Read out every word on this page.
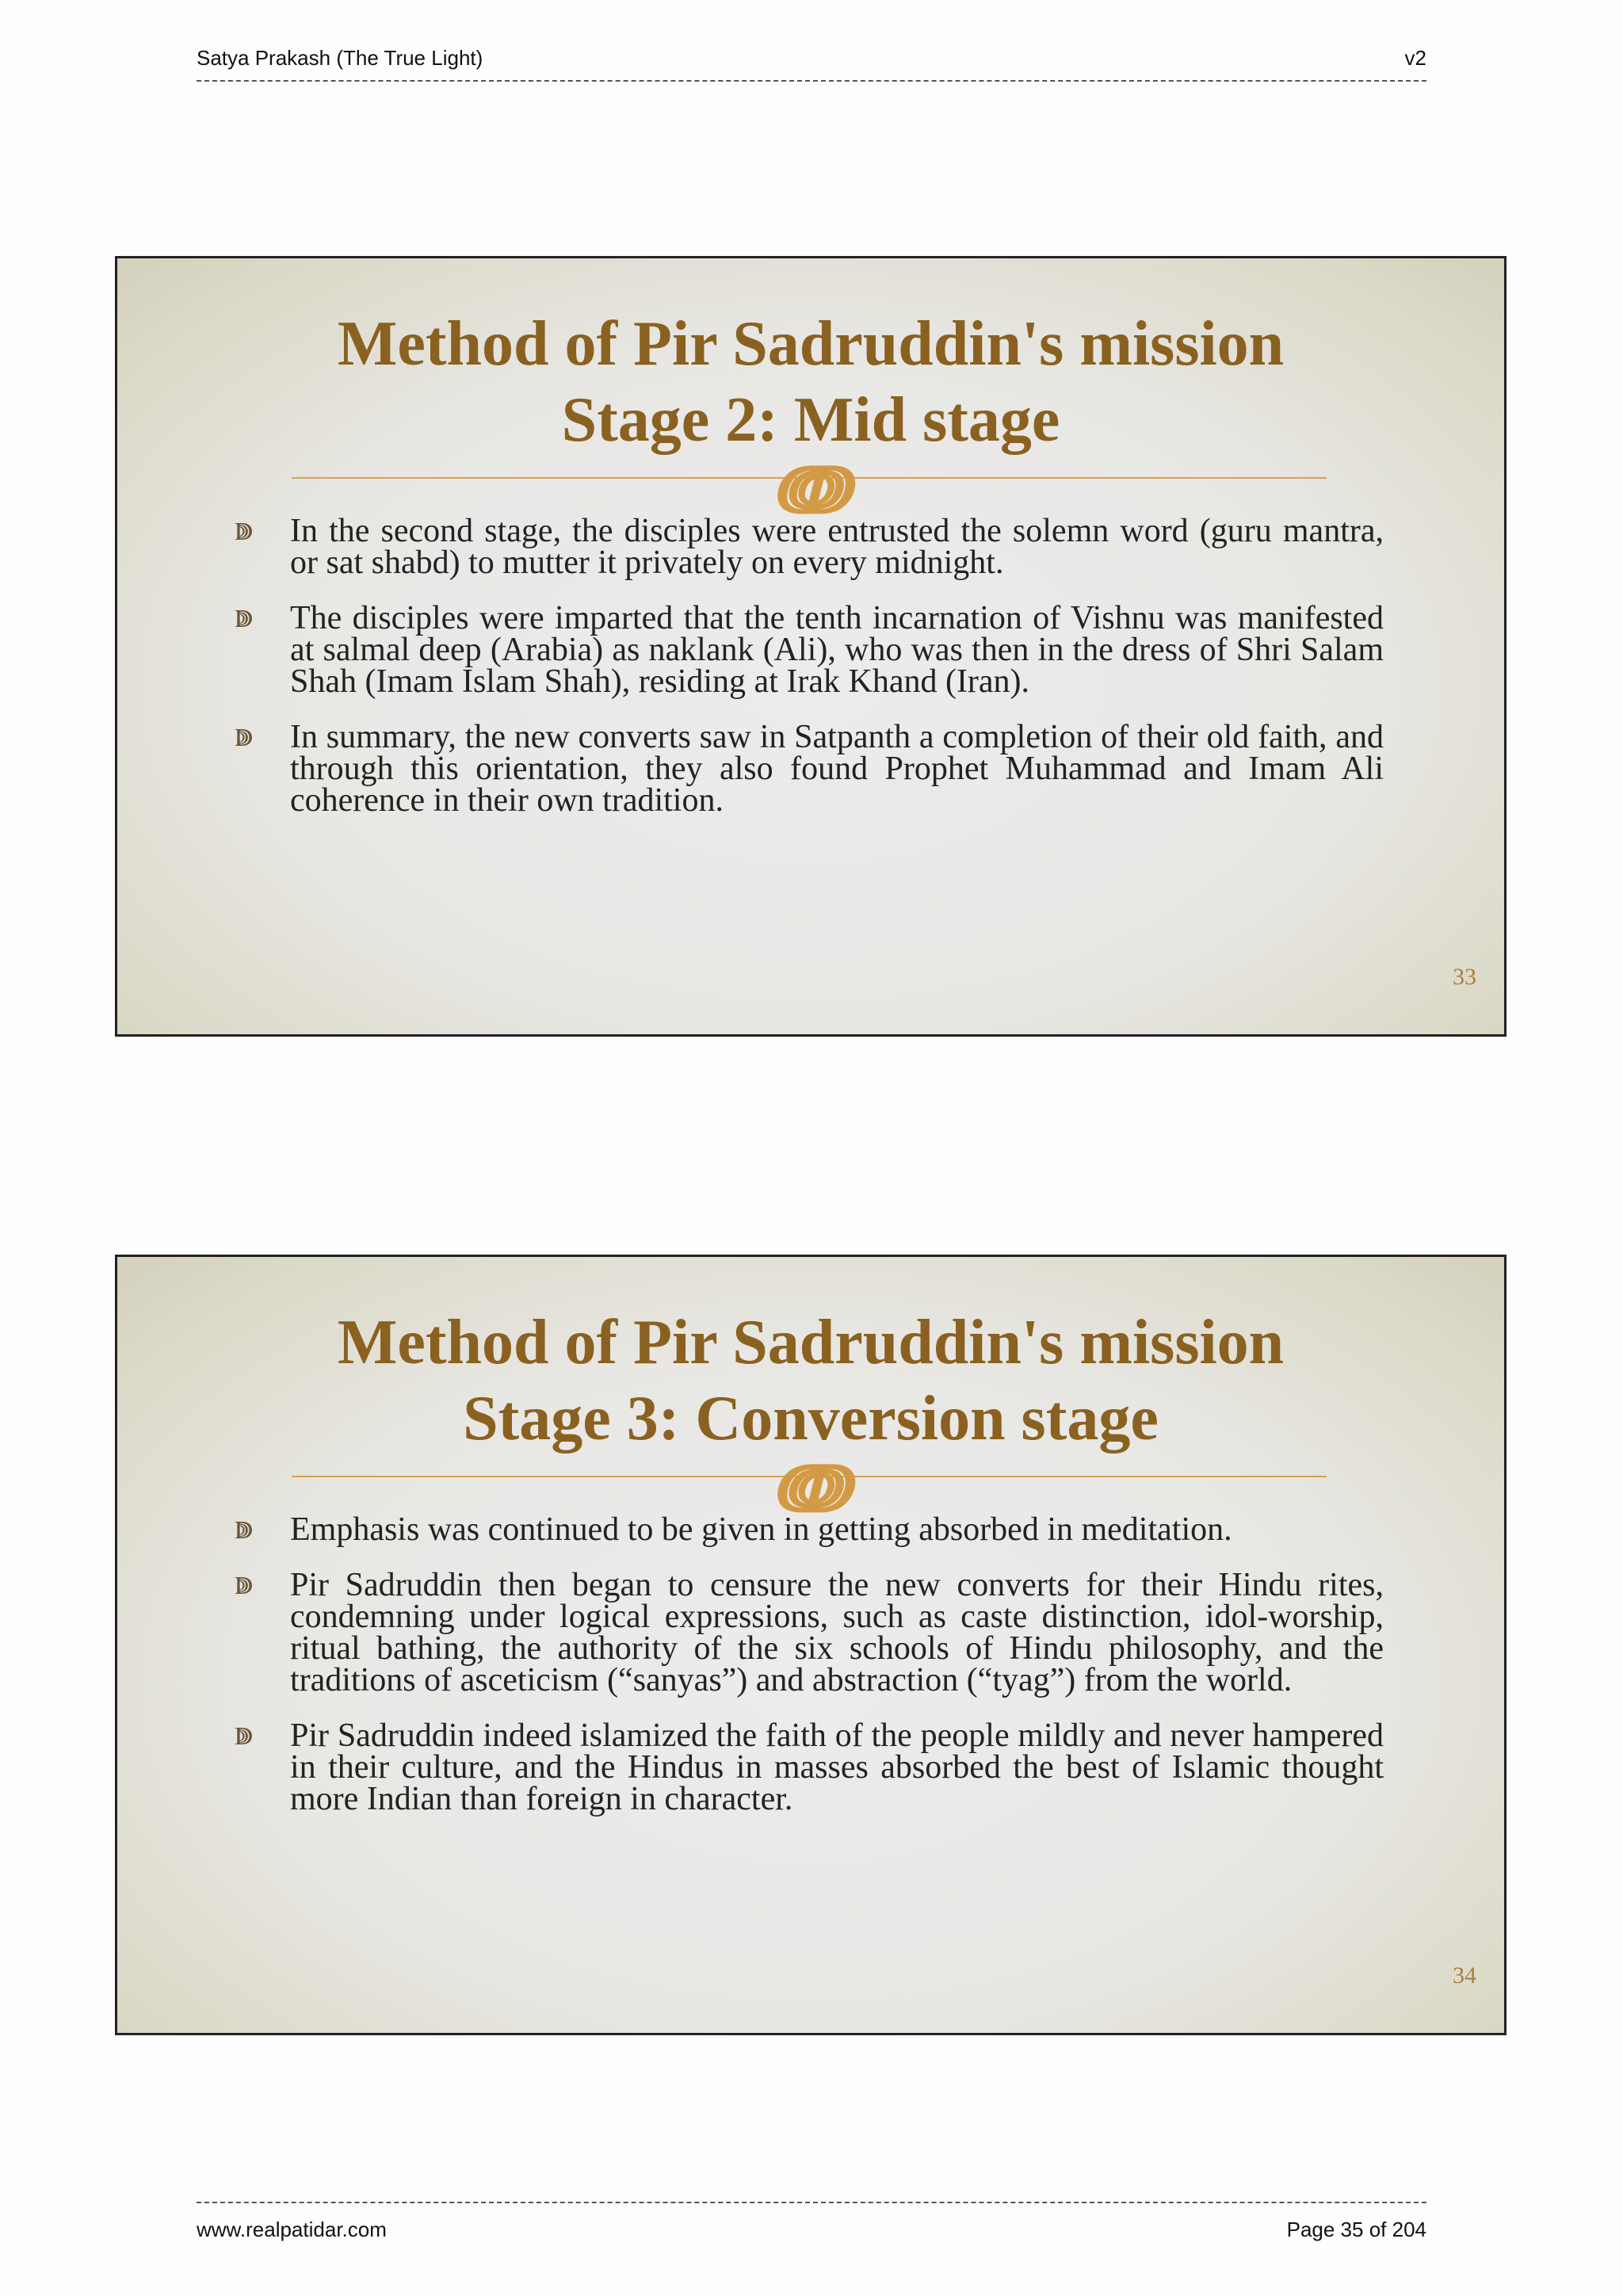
Satya Prakash (The True Light)	v2
Method of Pir Sadruddin's mission
Stage 2: Mid stage
ↈ
ↇ	In the second stage, the disciples were entrusted the solemn word (guru mantra, or sat shabd) to mutter it privately on every midnight.
ↇ	The disciples were imparted that the tenth incarnation of Vishnu was manifested at salmal deep (Arabia) as naklank (Ali), who was then in the dress of Shri Salam Shah (Imam Islam Shah), residing at Irak Khand (Iran).
ↇ	In summary, the new converts saw in Satpanth a completion of their old faith, and through this orientation, they also found Prophet Muhammad and Imam Ali coherence in their own tradition.
33
Method of Pir Sadruddin's mission
Stage 3: Conversion stage
ↈ
ↇ	Emphasis was continued to be given in getting absorbed in meditation.
ↇ	Pir Sadruddin then began to censure the new converts for their Hindu rites, condemning under logical expressions, such as caste distinction, idol-worship, ritual bathing, the authority of the six schools of Hindu philosophy, and the traditions of asceticism (“sanyas”) and abstraction (“tyag”) from the world.
ↇ	Pir Sadruddin indeed islamized the faith of the people mildly and never hampered in their culture, and the Hindus in masses absorbed the best of Islamic thought more Indian than foreign in character.
34
www.realpatidar.com	Page 35 of 204
